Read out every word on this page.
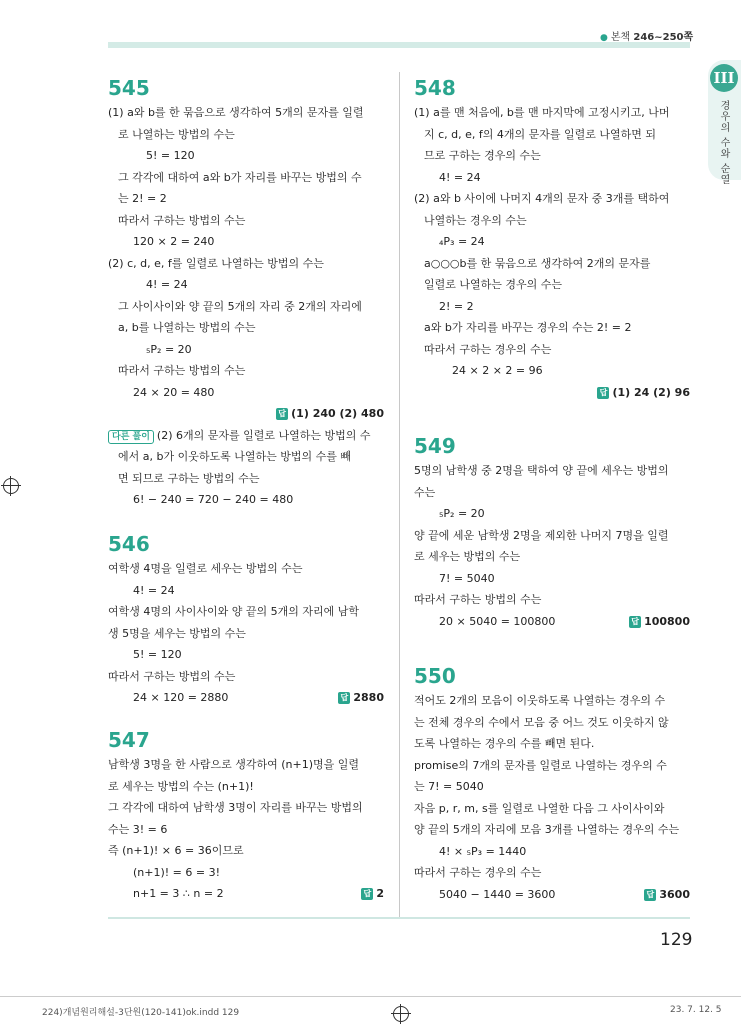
● 본책 246~250쪽
III
경우의 수와 순열
545
(1) a와 b를 한 묶음으로 생각하여 5개의 문자를 일렬
로 나열하는 방법의 수는
5! = 120
그 각각에 대하여 a와 b가 자리를 바꾸는 방법의 수
는 2! = 2
따라서 구하는 방법의 수는
120 × 2 = 240
(2) c, d, e, f를 일렬로 나열하는 방법의 수는
4! = 24
그 사이사이와 양 끝의 5개의 자리 중 2개의 자리에
a, b를 나열하는 방법의 수는
₅P₂ = 20
따라서 구하는 방법의 수는
24 × 20 = 480
답 (1) 240 (2) 480
다른 풀이 (2) 6개의 문자를 일렬로 나열하는 방법의 수
에서 a, b가 이웃하도록 나열하는 방법의 수를 빼
면 되므로 구하는 방법의 수는
6! − 240 = 720 − 240 = 480
546
여학생 4명을 일렬로 세우는 방법의 수는
4! = 24
여학생 4명의 사이사이와 양 끝의 5개의 자리에 남학
생 5명을 세우는 방법의 수는
5! = 120
따라서 구하는 방법의 수는
24 × 120 = 2880	답 2880
547
남학생 3명을 한 사람으로 생각하여 (n+1)명을 일렬
로 세우는 방법의 수는 (n+1)!
그 각각에 대하여 남학생 3명이 자리를 바꾸는 방법의
수는 3! = 6
즉 (n+1)! × 6 = 36이므로
(n+1)! = 6 = 3!
n+1 = 3 ∴ n = 2	답 2
548
(1) a를 맨 처음에, b를 맨 마지막에 고정시키고, 나머
지 c, d, e, f의 4개의 문자를 일렬로 나열하면 되
므로 구하는 경우의 수는
4! = 24
(2) a와 b 사이에 나머지 4개의 문자 중 3개를 택하여
나열하는 경우의 수는
₄P₃ = 24
a○○○b를 한 묶음으로 생각하여 2개의 문자를
일렬로 나열하는 경우의 수는
2! = 2
a와 b가 자리를 바꾸는 경우의 수는 2! = 2
따라서 구하는 경우의 수는
24 × 2 × 2 = 96
답 (1) 24 (2) 96
549
5명의 남학생 중 2명을 택하여 양 끝에 세우는 방법의
수는
₅P₂ = 20
양 끝에 세운 남학생 2명을 제외한 나머지 7명을 일렬
로 세우는 방법의 수는
7! = 5040
따라서 구하는 방법의 수는
20 × 5040 = 100800	답 100800
550
적어도 2개의 모음이 이웃하도록 나열하는 경우의 수
는 전체 경우의 수에서 모음 중 어느 것도 이웃하지 않
도록 나열하는 경우의 수를 빼면 된다.
promise의 7개의 문자를 일렬로 나열하는 경우의 수
는 7! = 5040
자음 p, r, m, s를 일렬로 나열한 다음 그 사이사이와
양 끝의 5개의 자리에 모음 3개를 나열하는 경우의 수는
4! × ₅P₃ = 1440
따라서 구하는 경우의 수는
5040 − 1440 = 3600	답 3600
129
224)개념원리해설-3단원(120-141)ok.indd 129	23. 7. 12. 5
